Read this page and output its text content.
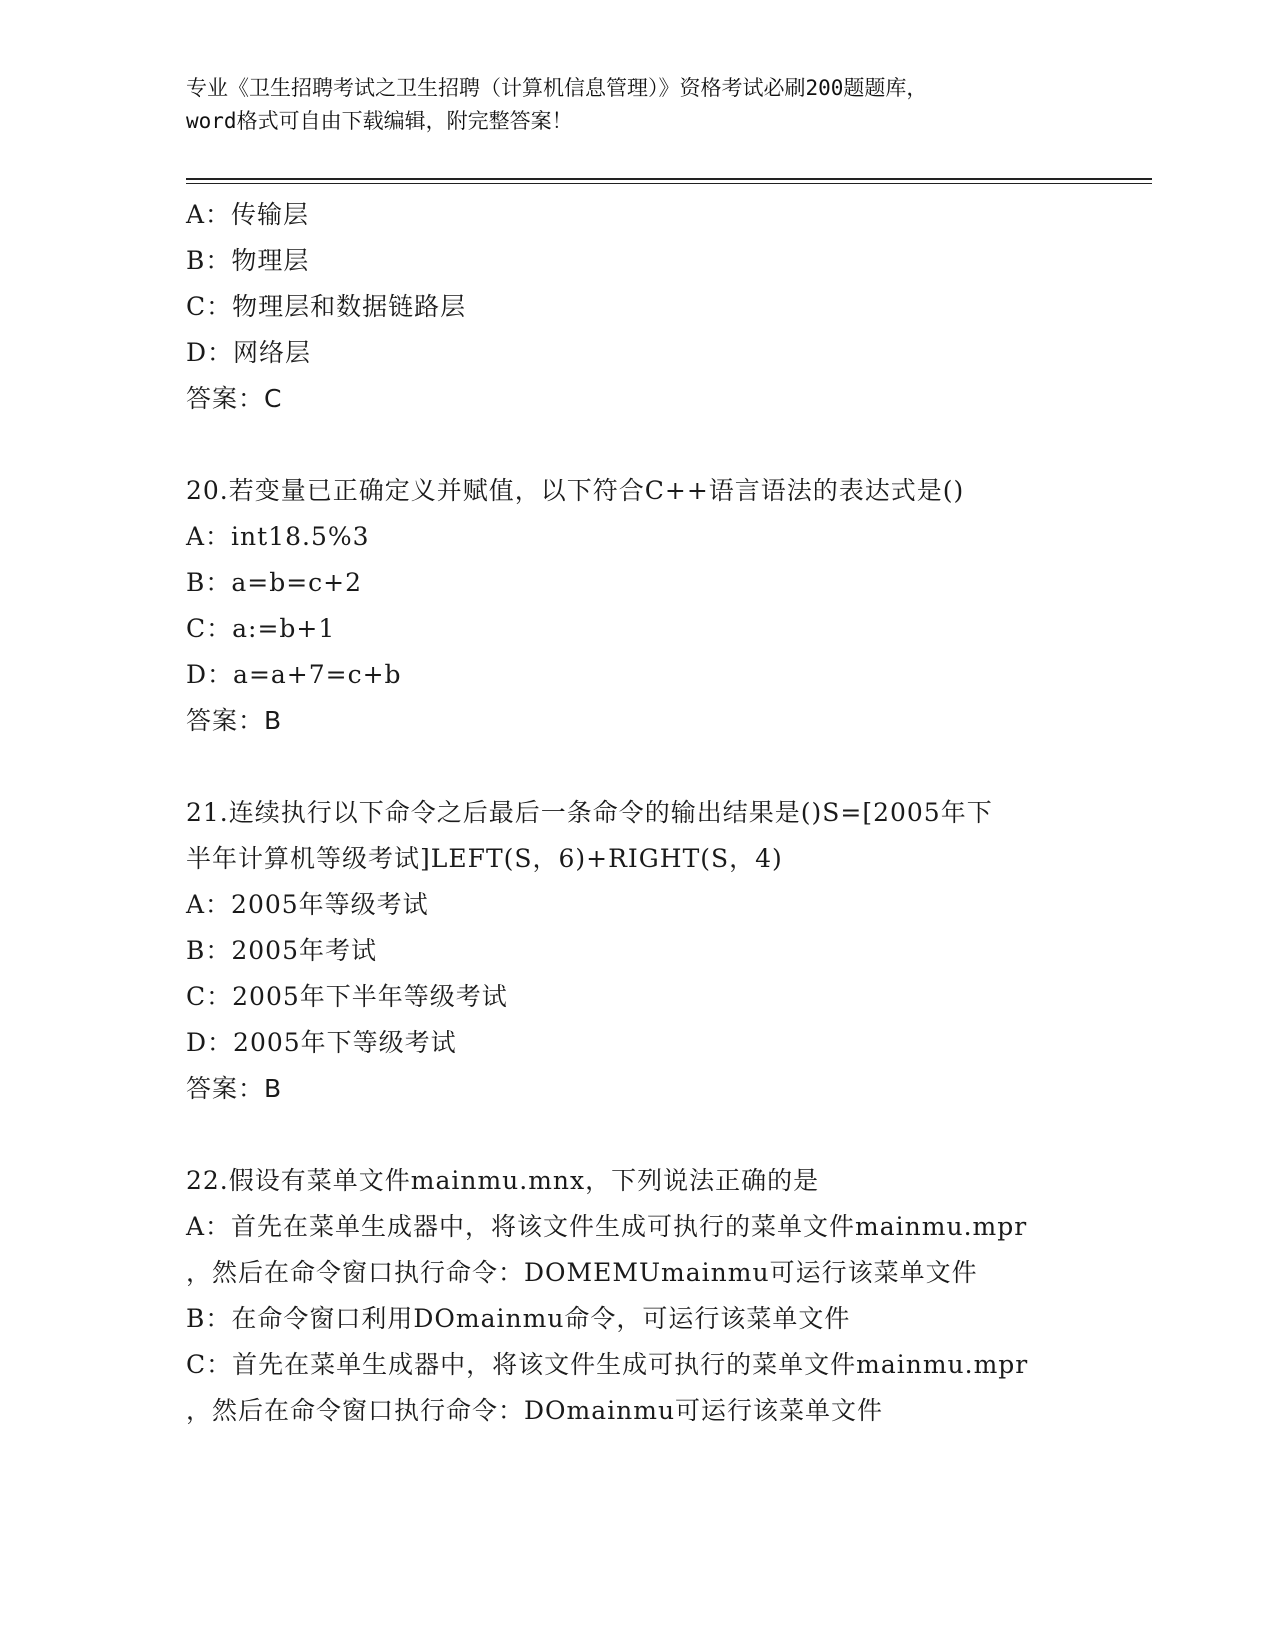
专业《卫生招聘考试之卫生招聘（计算机信息管理）》资格考试必刷200题题库，
word格式可自由下载编辑，附完整答案！
A：传输层
B：物理层
C：物理层和数据链路层
D：网络层
答案：C
20.若变量已正确定义并赋值，以下符合C++语言语法的表达式是()
A：int18.5%3
B：a=b=c+2
C：a:=b+1
D：a=a+7=c+b
答案：B
21.连续执行以下命令之后最后一条命令的输出结果是()S=[2005年下
半年计算机等级考试]LEFT(S，6)+RIGHT(S，4)
A：2005年等级考试
B：2005年考试
C：2005年下半年等级考试
D：2005年下等级考试
答案：B
22.假设有菜单文件mainmu.mnx，下列说法正确的是
A：首先在菜单生成器中，将该文件生成可执行的菜单文件mainmu.mpr
，然后在命令窗口执行命令：DOMEMUmainmu可运行该菜单文件
B：在命令窗口利用DOmainmu命令，可运行该菜单文件
C：首先在菜单生成器中，将该文件生成可执行的菜单文件mainmu.mpr
，然后在命令窗口执行命令：DOmainmu可运行该菜单文件
